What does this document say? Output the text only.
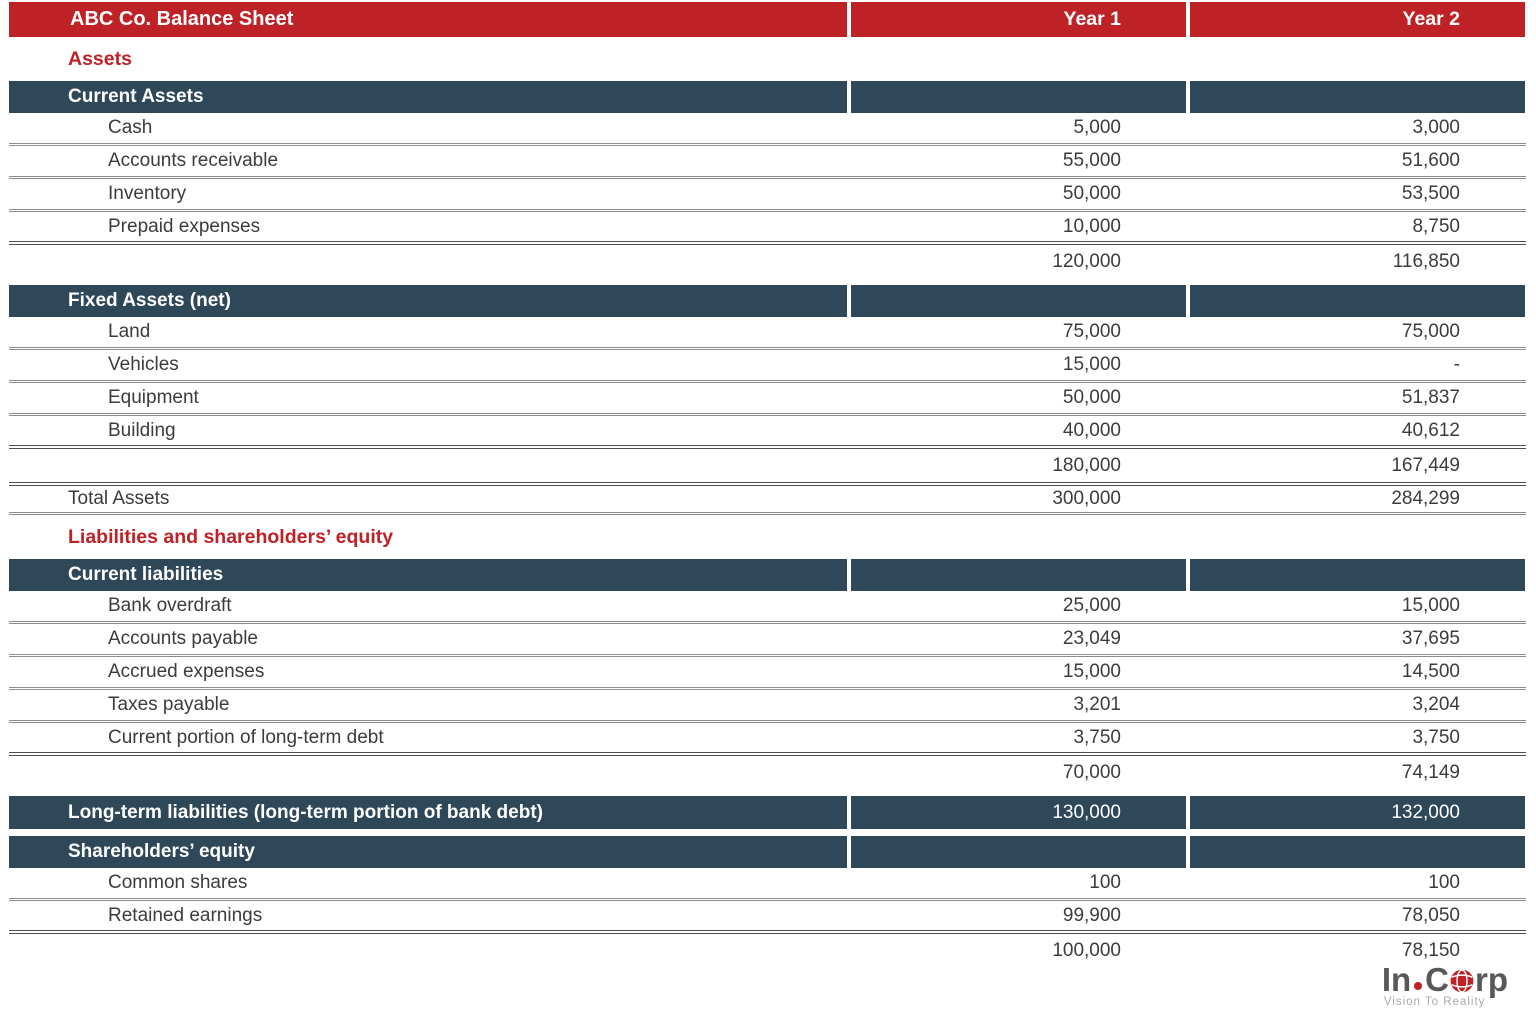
ABC Co. Balance Sheet	Year 1	Year 2
Assets
Current Assets
Cash	5,000	3,000
Accounts receivable	55,000	51,600
Inventory	50,000	53,500
Prepaid expenses	10,000	8,750
120,000	116,850
Fixed Assets (net)
Land	75,000	75,000
Vehicles	15,000	-
Equipment	50,000	51,837
Building	40,000	40,612
180,000	167,449
Total Assets	300,000	284,299
Liabilities and shareholders’ equity
Current liabilities
Bank overdraft	25,000	15,000
Accounts payable	23,049	37,695
Accrued expenses	15,000	14,500
Taxes payable	3,201	3,204
Current portion of long-term debt	3,750	3,750
70,000	74,149
Long-term liabilities (long-term portion of bank debt)	130,000	132,000
Shareholders’ equity
Common shares	100	100
Retained earnings	99,900	78,050
100,000	78,150
In C rp
Vision To Reality
